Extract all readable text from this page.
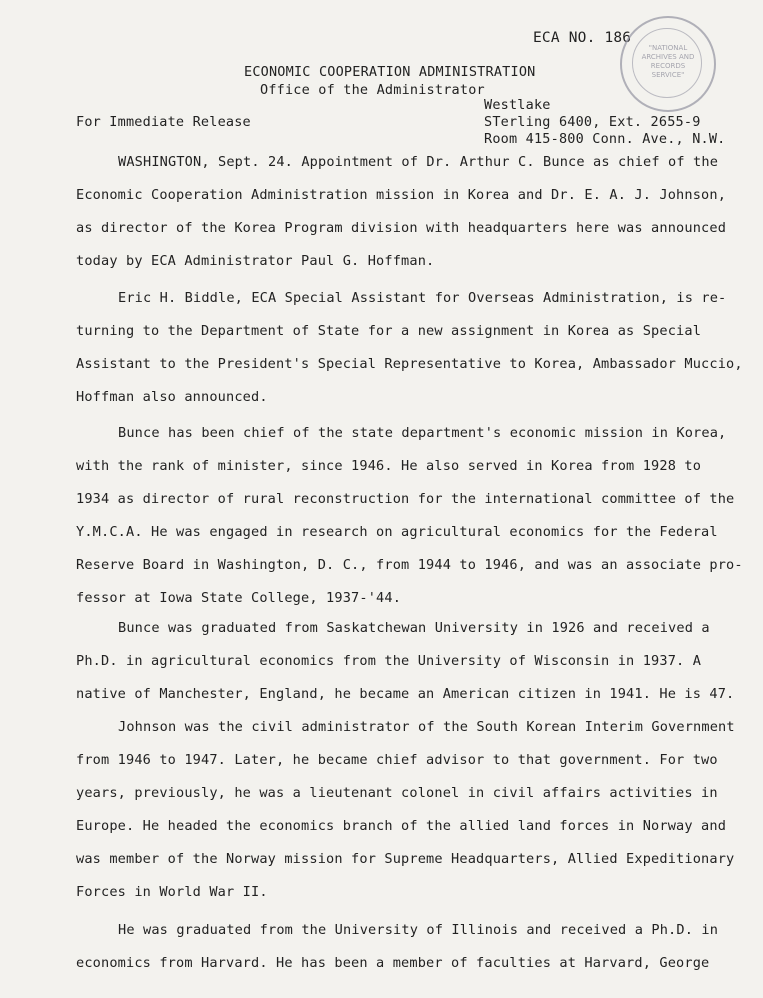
ECA NO. 186
"NATIONAL
ARCHIVES AND
RECORDS
SERVICE"
ECONOMIC COOPERATION ADMINISTRATION
Office of the Administrator
For Immediate Release
Westlake
STerling 6400, Ext. 2655-9
Room 415-800 Conn. Ave., N.W.
WASHINGTON, Sept. 24. Appointment of Dr. Arthur C. Bunce as chief of the
Economic Cooperation Administration mission in Korea and Dr. E. A. J. Johnson,
as director of the Korea Program division with headquarters here was announced
today by ECA Administrator Paul G. Hoffman.
Eric H. Biddle, ECA Special Assistant for Overseas Administration, is re-
turning to the Department of State for a new assignment in Korea as Special
Assistant to the President's Special Representative to Korea, Ambassador Muccio,
Hoffman also announced.
Bunce has been chief of the state department's economic mission in Korea,
with the rank of minister, since 1946. He also served in Korea from 1928 to
1934 as director of rural reconstruction for the international committee of the
Y.M.C.A. He was engaged in research on agricultural economics for the Federal
Reserve Board in Washington, D. C., from 1944 to 1946, and was an associate pro-
fessor at Iowa State College, 1937-'44.
Bunce was graduated from Saskatchewan University in 1926 and received a
Ph.D. in agricultural economics from the University of Wisconsin in 1937. A
native of Manchester, England, he became an American citizen in 1941. He is 47.
Johnson was the civil administrator of the South Korean Interim Government
from 1946 to 1947. Later, he became chief advisor to that government. For two
years, previously, he was a lieutenant colonel in civil affairs activities in
Europe. He headed the economics branch of the allied land forces in Norway and
was member of the Norway mission for Supreme Headquarters, Allied Expeditionary
Forces in World War II.
He was graduated from the University of Illinois and received a Ph.D. in
economics from Harvard. He has been a member of faculties at Harvard, George
